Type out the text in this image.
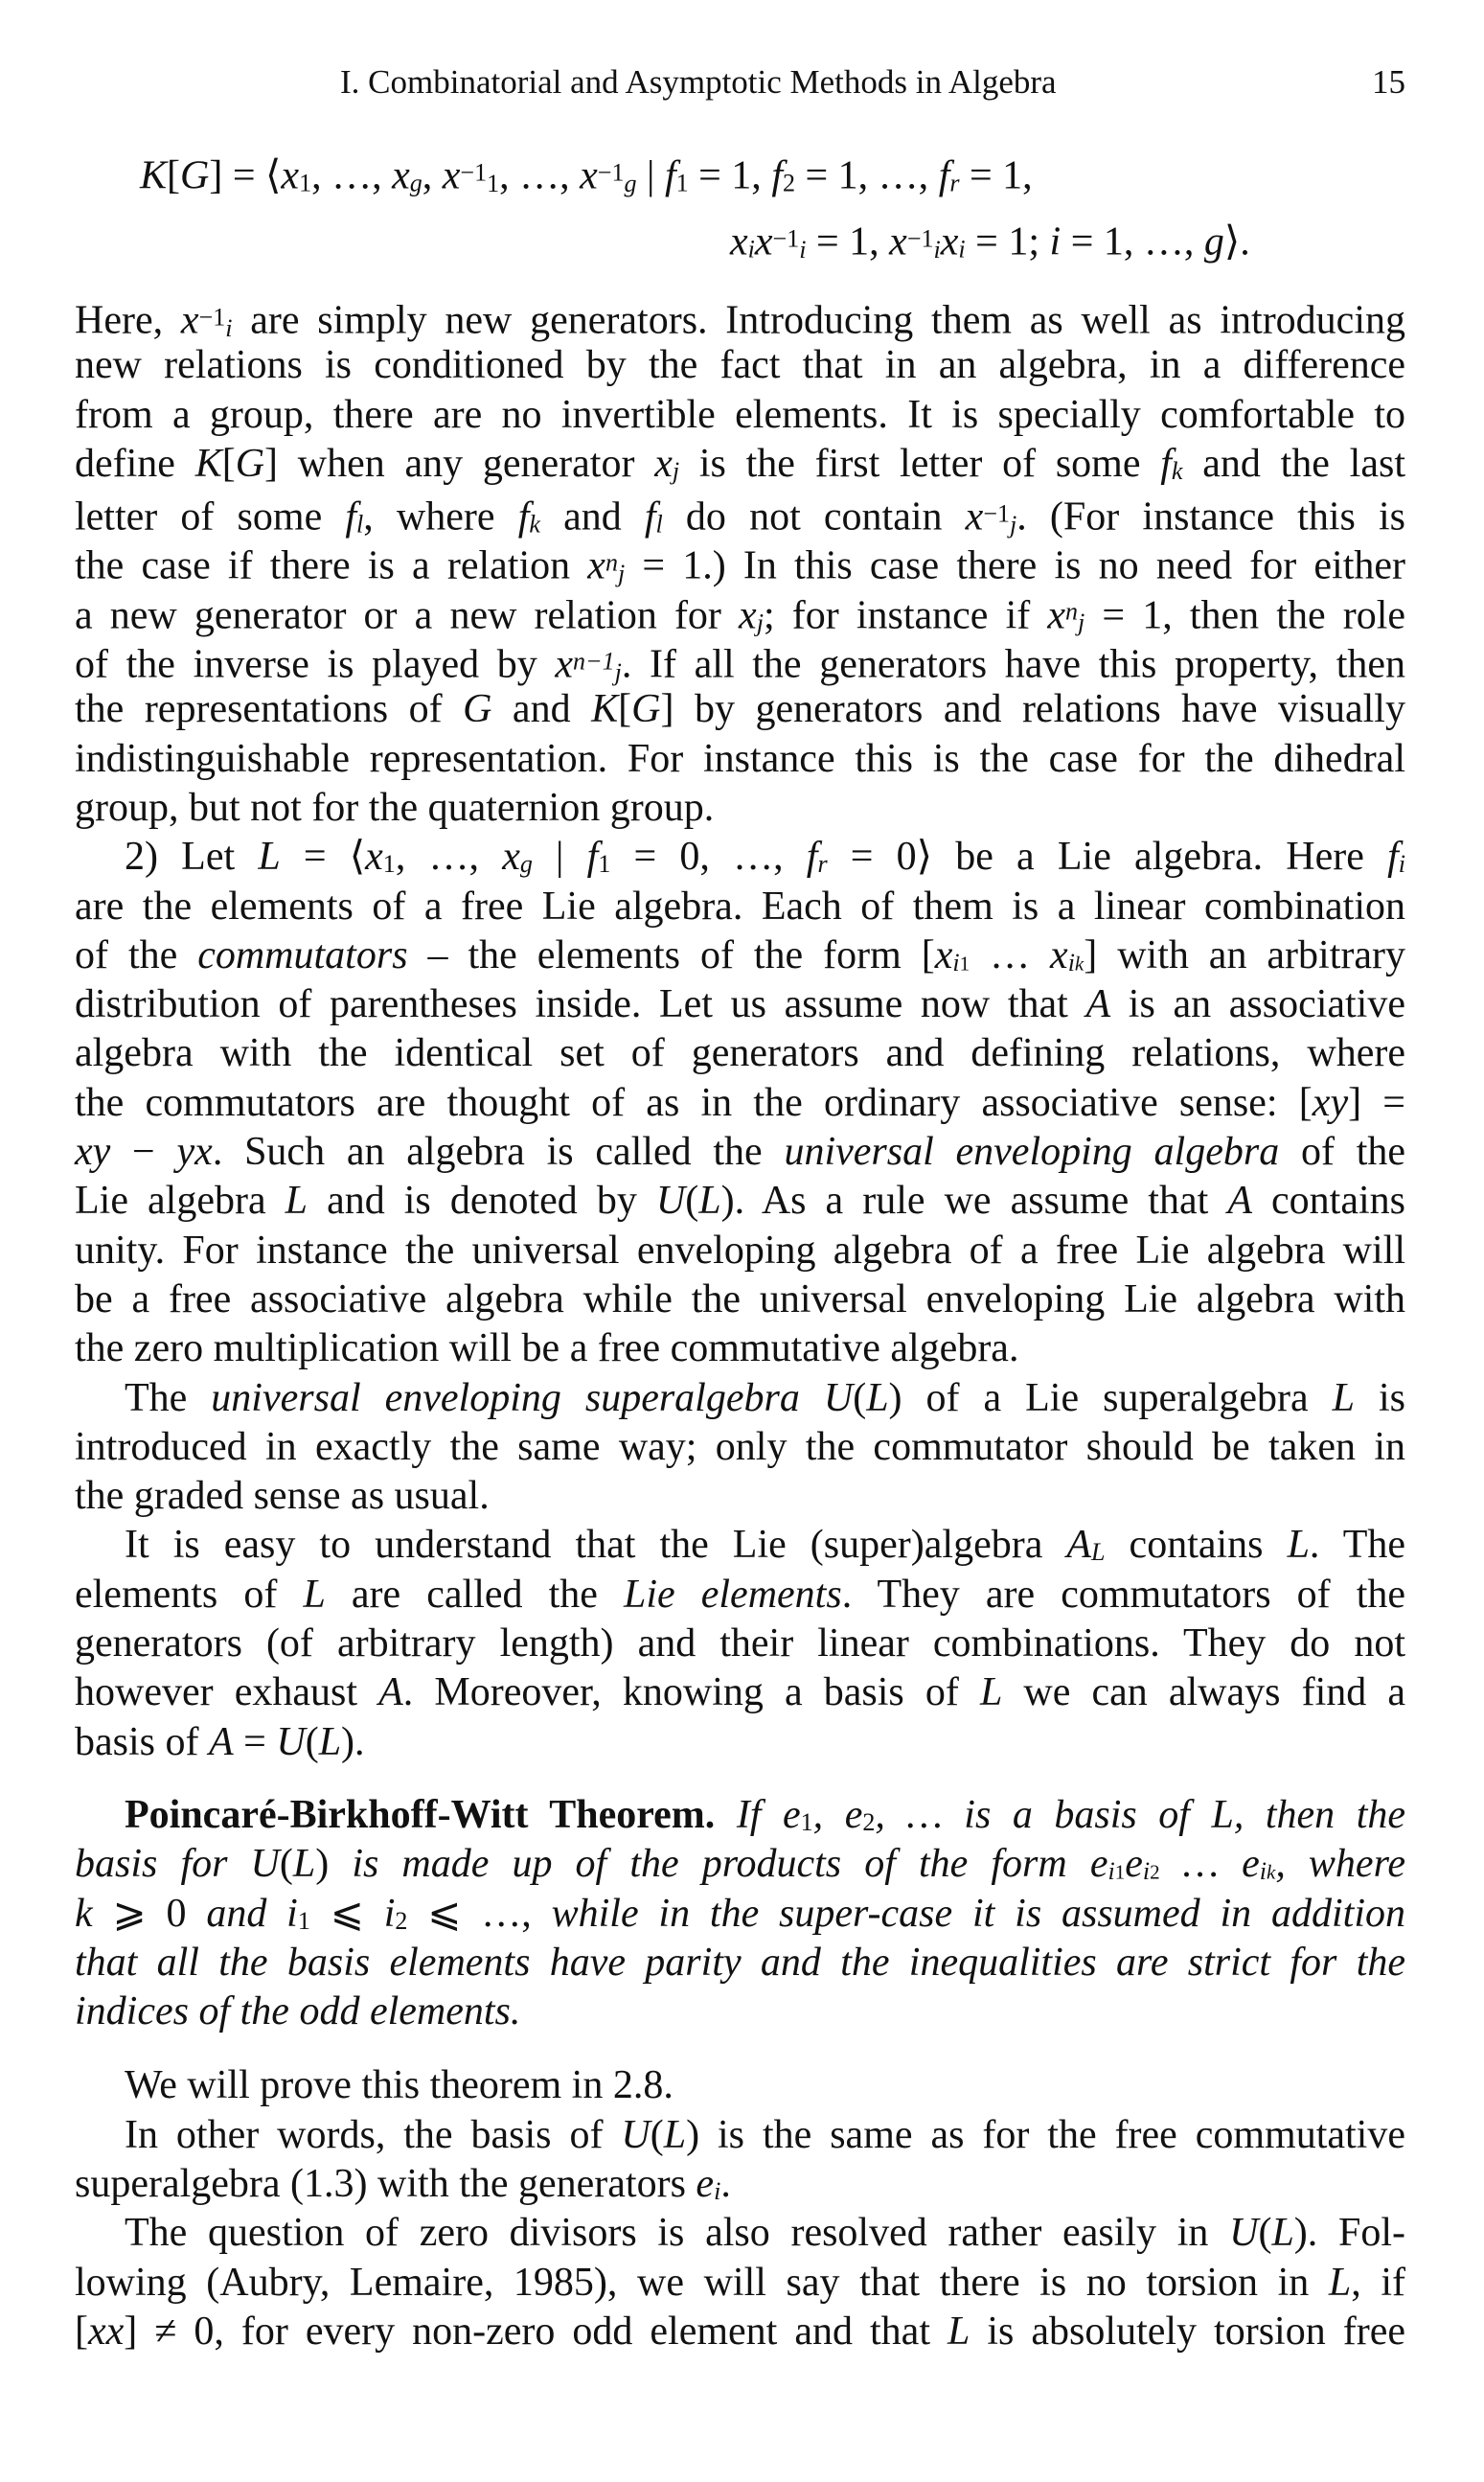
I. Combinatorial and Asymptotic Methods in Algebra	15
K[G] = ⟨x1, …, xg, $x^{-1}1$, …, $x^{-1}g$ | f1 = 1, f2 = 1, …, fr = 1,
xix$^{-1}$i = 1, $x^{-1}ixi = 1$; i = 1, …, g⟩.
Here, $x^{-1}i$ are simply new generators. Introducing them as well as introducing
new relations is conditioned by the fact that in an algebra, in a difference
from a group, there are no invertible elements. It is specially comfortable to
define K[G] when any generator xj is the first letter of some fk and the last
letter of some fl, where fk and fl do not contain $x^{-1}j$. (For instance this is
the case if there is a relation $x^nj = 1$.) In this case there is no need for either
a new generator or a new relation for xj; for instance if $x^nj = 1$, then the role
of the inverse is played by $x^{n-1}j$. If all the generators have this property, then
the representations of G and K[G] by generators and relations have visually
indistinguishable representation. For instance this is the case for the dihedral
group, but not for the quaternion group.
2) Let L = ⟨x1, …, xg | f1 = 0, …, fr = 0⟩ be a Lie algebra. Here fi
are the elements of a free Lie algebra. Each of them is a linear combination
of the commutators – the elements of the form [xi1 … xik] with an arbitrary
distribution of parentheses inside. Let us assume now that A is an associative
algebra with the identical set of generators and defining relations, where
the commutators are thought of as in the ordinary associative sense: [xy] =
xy − yx. Such an algebra is called the universal enveloping algebra of the
Lie algebra L and is denoted by U(L). As a rule we assume that A contains
unity. For instance the universal enveloping algebra of a free Lie algebra will
be a free associative algebra while the universal enveloping Lie algebra with
the zero multiplication will be a free commutative algebra.
The universal enveloping superalgebra U(L) of a Lie superalgebra L is
introduced in exactly the same way; only the commutator should be taken in
the graded sense as usual.
It is easy to understand that the Lie (super)algebra AL contains L. The
elements of L are called the Lie elements. They are commutators of the
generators (of arbitrary length) and their linear combinations. They do not
however exhaust A. Moreover, knowing a basis of L we can always find a
basis of A = U(L).
Poincaré-Birkhoff-Witt Theorem. If e1, e2, … is a basis of L, then the
basis for U(L) is made up of the products of the form ei1ei2 … eik, where
k ⩾ 0 and i1 ⩽ i2 ⩽ …, while in the super-case it is assumed in addition
that all the basis elements have parity and the inequalities are strict for the
indices of the odd elements.
We will prove this theorem in 2.8.
In other words, the basis of U(L) is the same as for the free commutative
superalgebra (1.3) with the generators ei.
The question of zero divisors is also resolved rather easily in U(L). Fol-
lowing (Aubry, Lemaire, 1985), we will say that there is no torsion in L, if
[xx] ≠ 0, for every non-zero odd element and that L is absolutely torsion free
